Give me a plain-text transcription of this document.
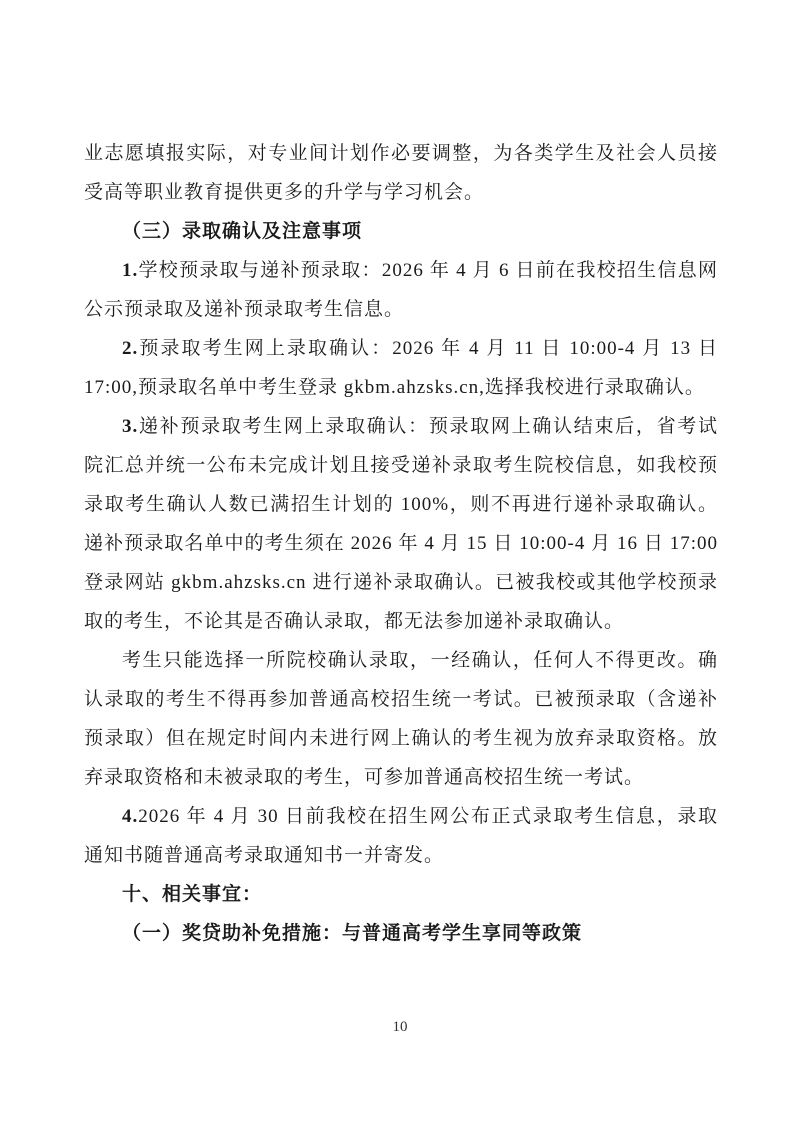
业志愿填报实际，对专业间计划作必要调整，为各类学生及社会人员接受高等职业教育提供更多的升学与学习机会。

（三）录取确认及注意事项

1.学校预录取与递补预录取：2026 年 4 月 6 日前在我校招生信息网公示预录取及递补预录取考生信息。

2.预录取考生网上录取确认：2026 年 4 月 11 日 10:00-4 月 13 日 17:00,预录取名单中考生登录 gkbm.ahzsks.cn,选择我校进行录取确认。

3.递补预录取考生网上录取确认：预录取网上确认结束后，省考试院汇总并统一公布未完成计划且接受递补录取考生院校信息，如我校预录取考生确认人数已满招生计划的 100%，则不再进行递补录取确认。递补预录取名单中的考生须在 2026 年 4 月 15 日 10:00-4 月 16 日 17:00 登录网站 gkbm.ahzsks.cn 进行递补录取确认。已被我校或其他学校预录取的考生，不论其是否确认录取，都无法参加递补录取确认。

考生只能选择一所院校确认录取，一经确认，任何人不得更改。确认录取的考生不得再参加普通高校招生统一考试。已被预录取（含递补预录取）但在规定时间内未进行网上确认的考生视为放弃录取资格。放弃录取资格和未被录取的考生，可参加普通高校招生统一考试。

4.2026 年 4 月 30 日前我校在招生网公布正式录取考生信息，录取通知书随普通高考录取通知书一并寄发。

十、相关事宜：

（一）奖贷助补免措施：与普通高考学生享同等政策

10
